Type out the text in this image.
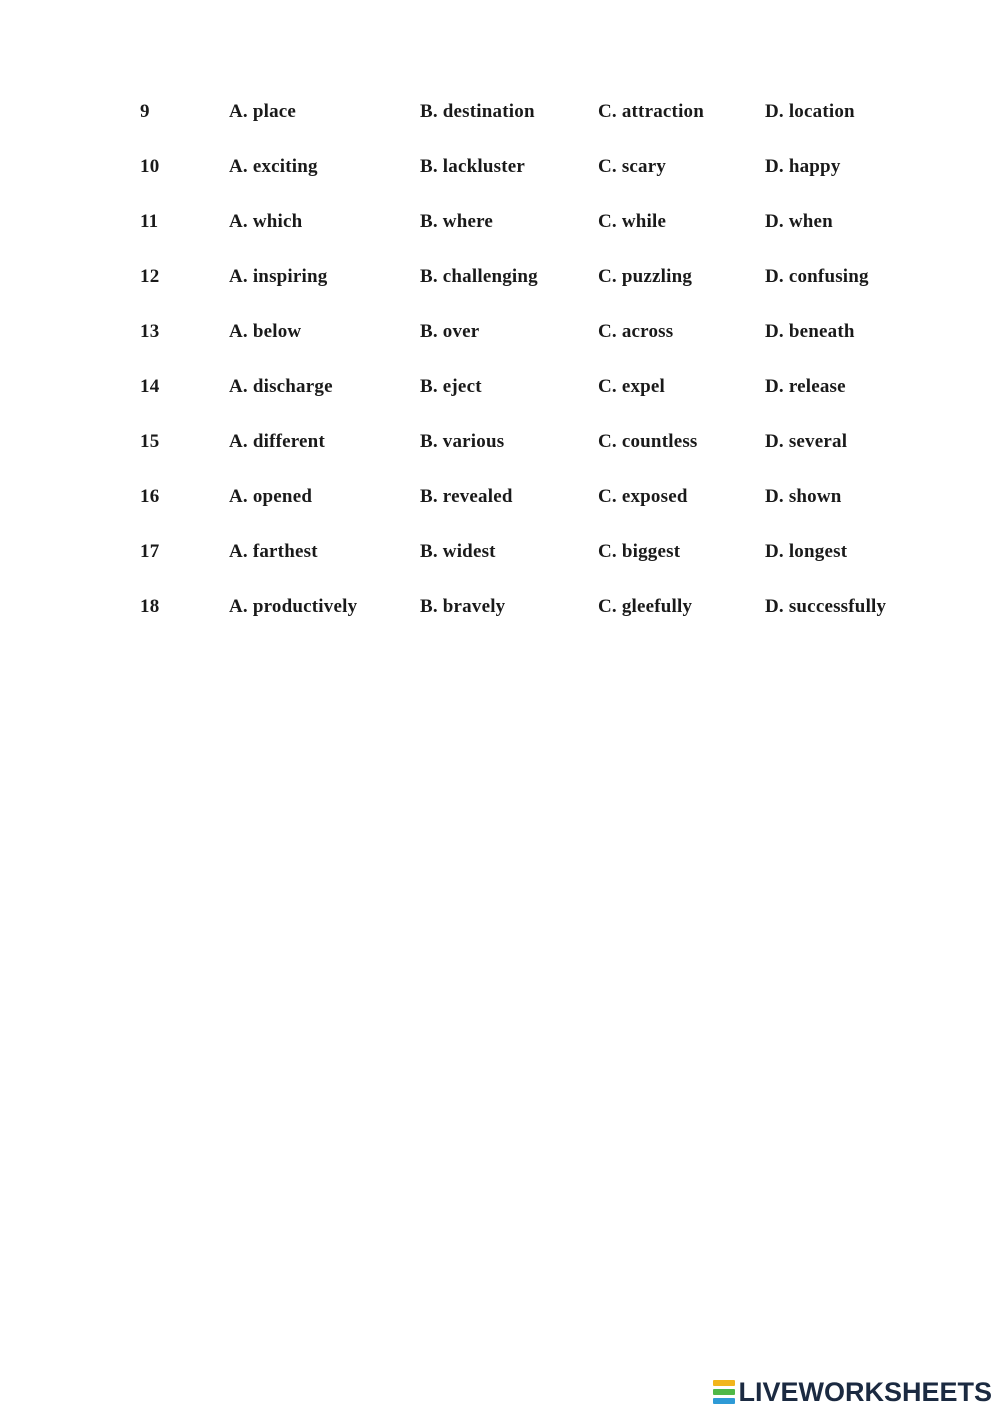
9	A. place	B. destination	C. attraction	D. location
10	A. exciting	B. lackluster	C. scary	D. happy
11	A. which	B. where	C. while	D. when
12	A. inspiring	B. challenging	C. puzzling	D. confusing
13	A. below	B. over	C. across	D. beneath
14	A. discharge	B. eject	C. expel	D. release
15	A. different	B. various	C. countless	D. several
16	A. opened	B. revealed	C. exposed	D. shown
17	A. farthest	B. widest	C. biggest	D. longest
18	A. productively	B. bravely	C. gleefully	D. successfully
LIVEWORKSHEETS
